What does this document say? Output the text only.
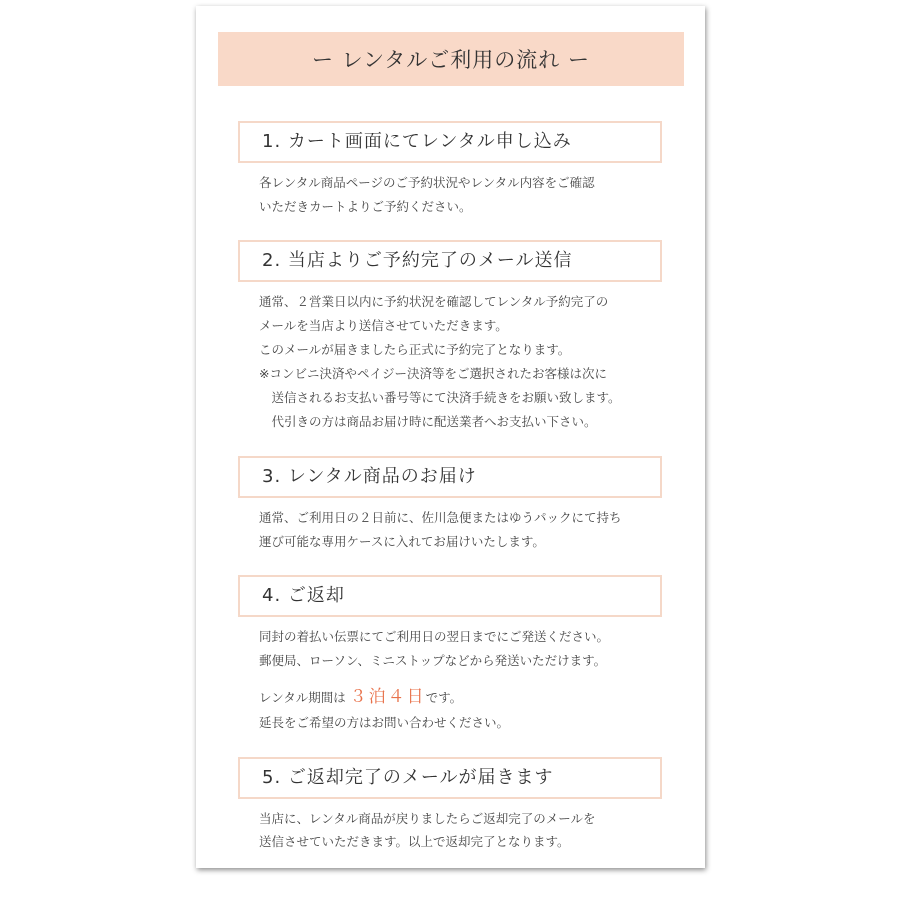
ー レンタルご利用の流れ ー
1. カート画面にてレンタル申し込み
各レンタル商品ページのご予約状況やレンタル内容をご確認
いただきカートよりご予約ください。
2. 当店よりご予約完了のメール送信
通常、２営業日以内に予約状況を確認してレンタル予約完了の
メールを当店より送信させていただきます。
このメールが届きましたら正式に予約完了となります。
※コンビニ決済やペイジー決済等をご選択されたお客様は次に
　送信されるお支払い番号等にて決済手続きをお願い致します。
　代引きの方は商品お届け時に配送業者へお支払い下さい。
3. レンタル商品のお届け
通常、ご利用日の２日前に、佐川急便またはゆうパックにて持ち
運び可能な専用ケースに入れてお届けいたします。
4. ご返却
同封の着払い伝票にてご利用日の翌日までにご発送ください。
郵便局、ローソン、ミニストップなどから発送いただけます。
レンタル期間は ３泊４日です。
延長をご希望の方はお問い合わせください。
5. ご返却完了のメールが届きます
当店に、レンタル商品が戻りましたらご返却完了のメールを
送信させていただきます。以上で返却完了となります。
